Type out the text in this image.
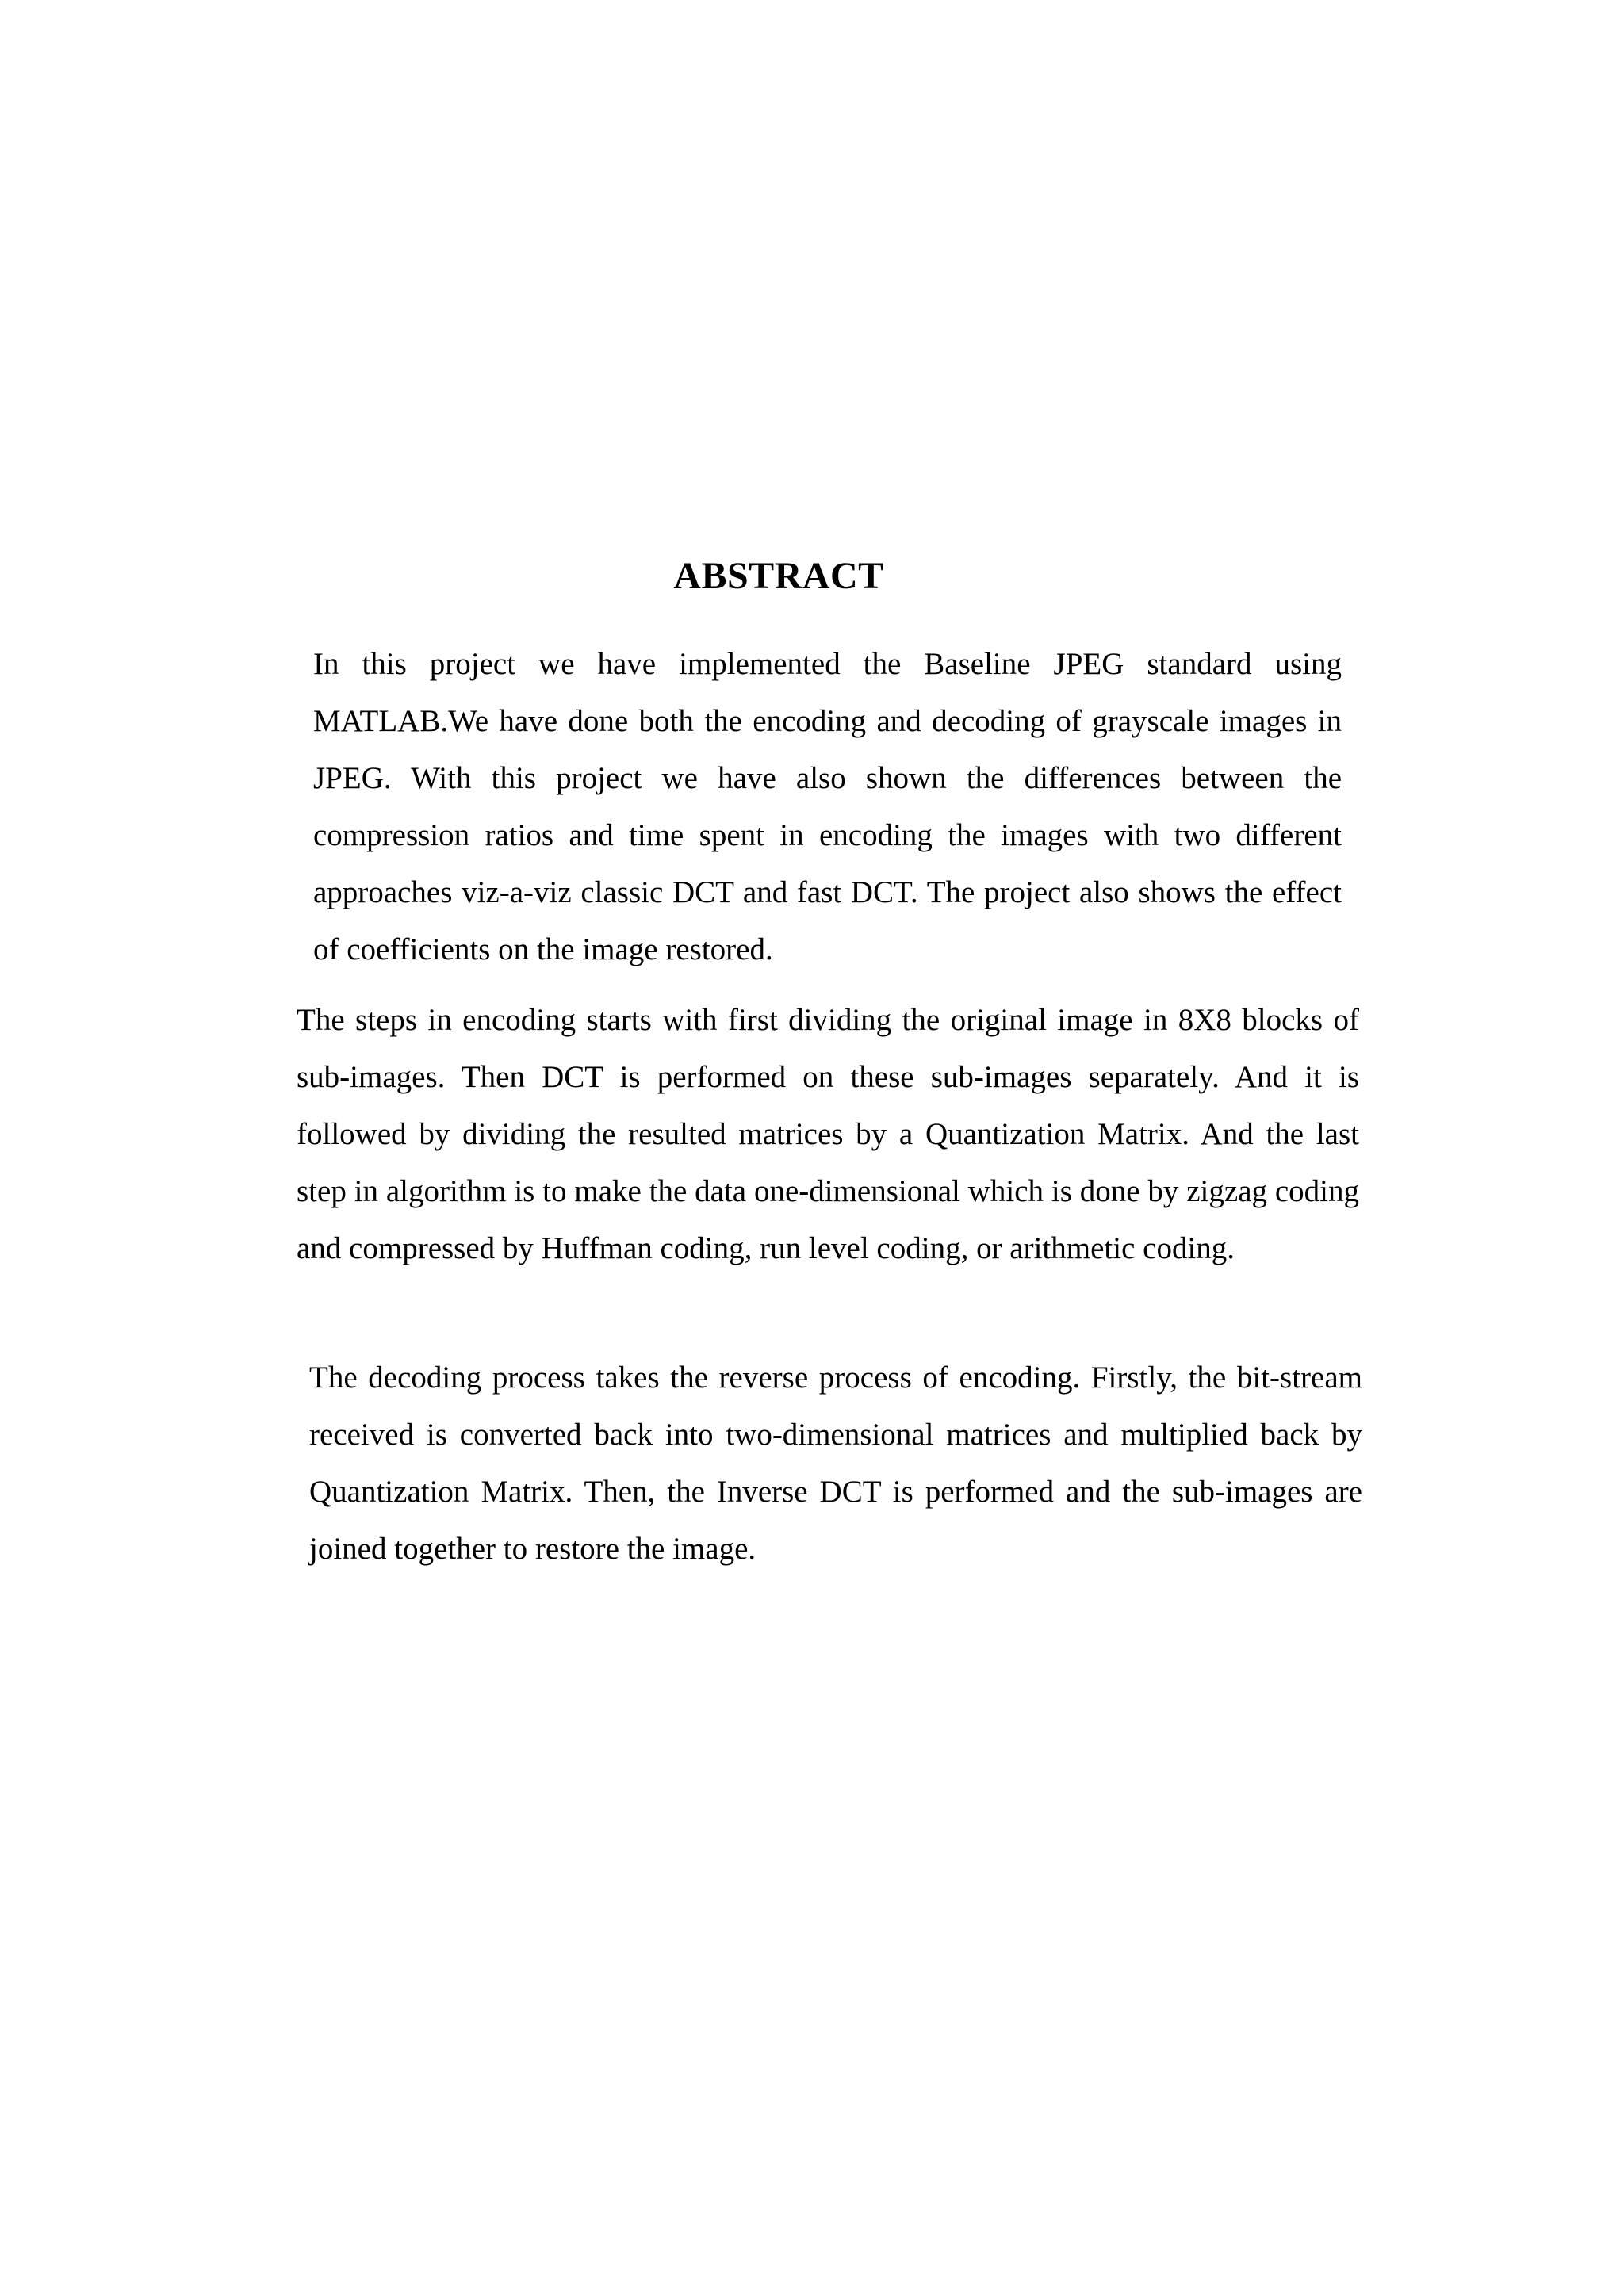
ABSTRACT

In this project we have implemented the Baseline JPEG standard using MATLAB.We have done both the encoding and decoding of grayscale images in JPEG. With this project we have also shown the differences between the compression ratios and time spent in encoding the images with two different approaches viz-a-viz classic DCT and fast DCT. The project also shows the effect of coefficients on the image restored.

The steps in encoding starts with first dividing the original image in 8X8 blocks of sub-images. Then DCT is performed on these sub-images separately. And it is followed by dividing the resulted matrices by a Quantization Matrix. And the last step in algorithm is to make the data one-dimensional which is done by zigzag coding and compressed by Huffman coding, run level coding, or arithmetic coding.

The decoding process takes the reverse process of encoding. Firstly, the bit-stream received is converted back into two-dimensional matrices and multiplied back by Quantization Matrix. Then, the Inverse DCT is performed and the sub-images are joined together to restore the image.
